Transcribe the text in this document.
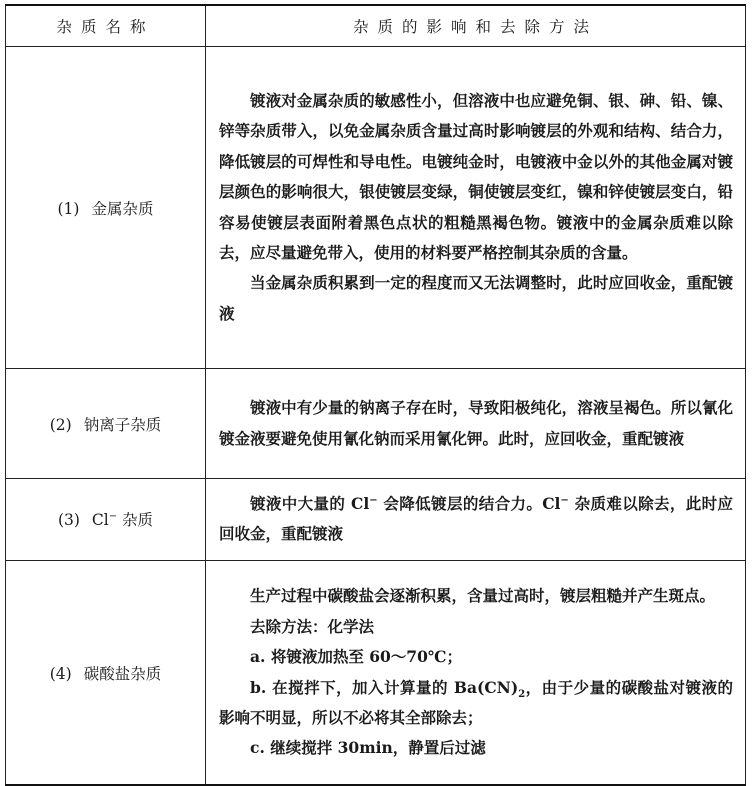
杂质名称	杂质的影响和去除方法
(1) 金属杂质	镀液对金属杂质的敏感性小，但溶液中也应避免铜、银、砷、铅、镍、锌等杂质带入，以免金属杂质含量过高时影响镀层的外观和结构、结合力，降低镀层的可焊性和导电性。电镀纯金时，电镀液中金以外的其他金属对镀层颜色的影响很大，银使镀层变绿，铜使镀层变红，镍和锌使镀层变白，铅容易使镀层表面附着黑色点状的粗糙黑褐色物。镀液中的金属杂质难以除去，应尽量避免带入，使用的材料要严格控制其杂质的含量。

当金属杂质积累到一定的程度而又无法调整时，此时应回收金，重配镀液

(2) 钠离子杂质	镀液中有少量的钠离子存在时，导致阳极纯化，溶液呈褐色。所以氰化镀金液要避免使用氰化钠而采用氰化钾。此时，应回收金，重配镀液

(3) Cl− 杂质	镀液中大量的 Cl− 会降低镀层的结合力。Cl− 杂质难以除去，此时应回收金，重配镀液

(4) 碳酸盐杂质	生产过程中碳酸盐会逐渐积累，含量过高时，镀层粗糙并产生斑点。

去除方法：化学法

a. 将镀液加热至 60～70℃；

b. 在搅拌下，加入计算量的 $Ba(CN)_2$，由于少量的碳酸盐对镀液的影响不明显，所以不必将其全部除去；

c. 继续搅拌 30min，静置后过滤
